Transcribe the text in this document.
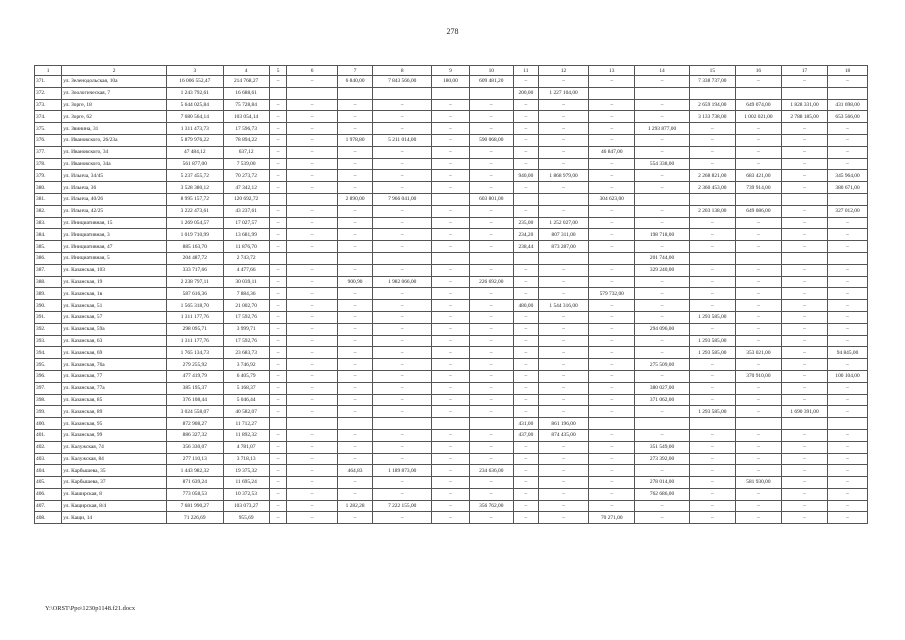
278
1	2	3	4	5	6	7	8	9	10	11	12	13	14	15	16	17	18
371.	ул. Зеленодольская, 10а	16 006 552,47	214 768,27	–	–	6 840,00	7 843 566,00	180,00	609 481,20	–	–	–	–	7 338 737,00	–	–	–
372.	ул. Зоологическая, 7	1 243 792,61	16 688,61							200,00	1 227 104,00						
373.	ул. Зорге, 18	5 644 025,84	75 728,84	–	–	–	–	–	–	–	–	–	–	2 659 194,00	649 074,00	1 828 331,00	431 698,00
374.	ул. Зорге, 62	7 680 564,14	103 054,14	–	–	–	–	–	–	–	–	–	–	3 133 738,00	1 002 021,00	2 788 185,00	653 566,00
375.	ул. Звинина, 31	1 311 473,73	17 596,73	–	–	–	–	–	–	–	–	–	1 293 877,00	–	–	–	–
376.	ул. Ивановского, 26/23а	5 879 976,22	78 894,22	–	–	1 978,80	5 211 014,00	–	590 068,00	–	–	–	–	–	–	–	–
377.	ул. Ивановского, 34	47 484,12	637,12	–	–	–	–	–	–	–	–	46 847,00	–	–	–	–	–
378.	ул. Ивановского, 34а	561 877,00	7 539,00	–	–	–	–	–	–	–	–	–	554 338,00	–	–	–	–
379.	ул. Ильича, 34/45	5 237 455,72	70 273,72	–	–	–	–	–	–	940,00	1 868 979,00	–	–	2 268 821,00	683 421,00	–	345 964,00
380.	ул. Ильича, 36	3 528 380,12	47 342,12	–	–	–	–	–	–	–	–	–	–	2 360 453,00	739 914,00	–	380 671,00
381.	ул. Ильича, 40/26	8 995 157,72	120 692,72			2 890,00	7 966 041,00		603 801,00			304 623,00					
382.	ул. Ильича, 42/25	3 222 473,61	43 237,61	–	–	–	–	–	–	–	–	–	–	2 203 138,00	649 086,00	–	327 012,00
383.	ул. Инициативная, 15	1 269 054,57	17 027,57	–	–	–	–	–	–	235,00	1 252 027,00	–	–	–	–	–	–
384.	ул. Инициативная, 3	1 019 710,99	13 681,99	–	–	–	–	–	–	234,20	807 311,00	–	198 718,00	–	–	–	–
385.	ул. Инициативная, 47	885 163,70	11 876,70	–	–	–	–	–	–	238,44	873 287,00	–	–	–	–	–	–
386.	ул. Инициативная, 5	204 487,72	2 743,72										201 744,00				
387.	ул. Казанская, 103	333 717,66	4 477,66	–	–	–	–	–	–	–	–	–	329 240,00	–	–	–	–
388.	ул. Казанская, 19	2 238 797,11	30 039,11	–	–	900,90	1 982 066,00	–	226 692,00	–	–	–	–	–	–	–	–
389.	ул. Казанская, 1в	587 616,36	7 884,36	–	–	–	–	–	–	–	–	579 732,00	–	–	–	–	–
390.	ул. Казанская, 51	1 565 318,70	21 002,70	–	–	–	–	–	–	480,00	1 544 316,00	–	–	–	–	–	–
391.	ул. Казанская, 57	1 311 177,76	17 592,76	–	–	–	–	–	–	–	–	–	–	1 293 585,00	–	–	–
392.	ул. Казанская, 59а	298 095,71	3 999,71	–	–	–	–	–	–	–	–	–	294 096,00	–	–	–	–
393.	ул. Казанская, 63	1 311 177,76	17 592,76	–	–	–	–	–	–	–	–	–	–	1 293 585,00	–	–	–
394.	ул. Казанская, 69	1 765 134,73	23 683,73	–	–	–	–	–	–	–	–	–	–	1 293 585,00	353 021,00	–	94 845,00
395.	ул. Казанская, 76а	279 255,92	3 746,92	–	–	–	–	–	–	–	–	–	275 509,00	–	–	–	–
396.	ул. Казанская, 77	477 419,79	6 405,79	–	–	–	–	–	–	–	–	–	–	–	370 910,00	–	100 104,00
397.	ул. Казанская, 77а	385 195,37	5 168,37	–	–	–	–	–	–	–	–	–	380 027,00	–	–	–	–
398.	ул. Казанская, 85	376 108,44	5 046,44	–	–	–	–	–	–	–	–	–	371 062,00	–	–	–	–
399.	ул. Казанская, 89	3 024 558,07	40 582,07	–	–	–	–	–	–	–	–	–	–	1 293 585,00	–	1 690 391,00	–
400.	ул. Казанская, 95	872 908,27	11 712,27							431,00	861 196,00						
401.	ул. Казанская, 99	886 327,32	11 892,32	–	–	–	–	–	–	437,00	874 435,00	–	–	–	–	–	–
402.	ул. Калужская, 74	356 330,07	4 781,07	–	–	–	–	–	–	–	–	–	351 549,00	–	–	–	–
403.	ул. Калужская, 84	277 110,13	3 718,13	–	–	–	–	–	–	–	–	–	273 392,00	–	–	–	–
404.	ул. Карбышева, 35	1 443 982,32	19 375,32	–	–	464,83	1 189 873,00	–	234 636,00	–	–	–	–	–	–	–	–
405.	ул. Карбышева, 37	871 639,24	11 695,24	–	–	–	–	–	–	–	–	–	278 014,00	–	581 930,00	–	–
406.	ул. Каширская, 8	773 058,53	10 372,53	–	–	–	–	–	–	–	–	–	762 686,00	–	–	–	–
407.	ул. Кащирская, 8/4	7 681 990,27	103 073,27	–	–	1 282,28	7 222 155,00	–	356 762,00	–	–	–	–	–	–	–	–
408.	ул. Кащи, 14	71 226,69	955,69	–	–	–	–	–	–	–	–	70 271,00	–	–	–	–	–
Y:\ORST\Ppo\1230p1148.f21.docx
